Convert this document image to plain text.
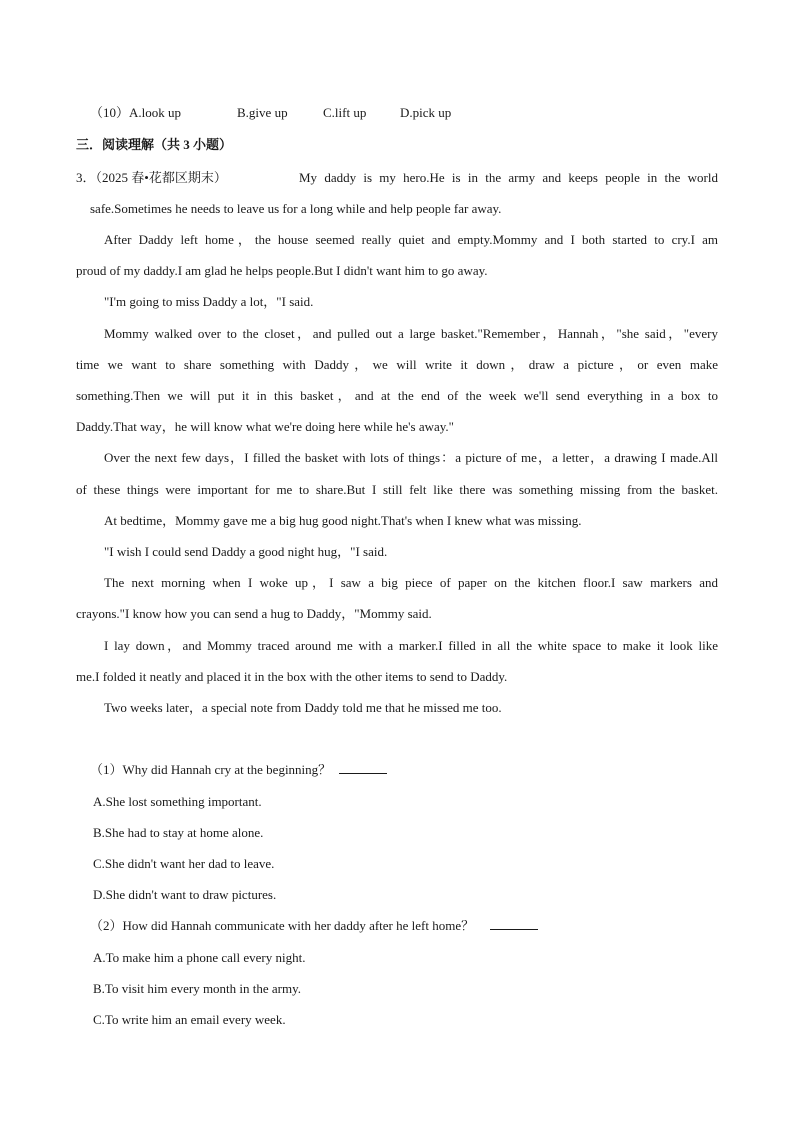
（10）A.look up	B.give up	C.lift up	D.pick up
三．阅读理解（共 3 小题）
3．（2025 春•花都区期末）	My daddy is my hero.He is in the army and keeps people in the world
safe.Sometimes he needs to leave us for a long while and help people far away.
After Daddy left home，the house seemed really quiet and empty.Mommy and I both started to cry.I am
proud of my daddy.I am glad he helps people.But I didn't want him to go away.
"I'm going to miss Daddy a lot，"I said.
Mommy walked over to the closet，and pulled out a large basket."Remember，Hannah，"she said，"every
time we want to share something with Daddy，we will write it down，draw a picture，or even make
something.Then we will put it in this basket，and at the end of the week we'll send everything in a box to
Daddy.That way，he will know what we're doing here while he's away."
Over the next few days，I filled the basket with lots of things：a picture of me，a letter，a drawing I made.All
of these things were important for me to share.But I still felt like there was something missing from the basket.
At bedtime，Mommy gave me a big hug good night.That's when I knew what was missing.
"I wish I could send Daddy a good night hug，"I said.
The next morning when I woke up，I saw a big piece of paper on the kitchen floor.I saw markers and
crayons."I know how you can send a hug to Daddy，"Mommy said.
I lay down，and Mommy traced around me with a marker.I filled in all the white space to make it look like
me.I folded it neatly and placed it in the box with the other items to send to Daddy.
Two weeks later，a special note from Daddy told me that he missed me too.
（1）Why did Hannah cry at the beginning？
A.She lost something important.
B.She had to stay at home alone.
C.She didn't want her dad to leave.
D.She didn't want to draw pictures.
（2）How did Hannah communicate with her daddy after he left home？
A.To make him a phone call every night.
B.To visit him every month in the army.
C.To write him an email every week.
